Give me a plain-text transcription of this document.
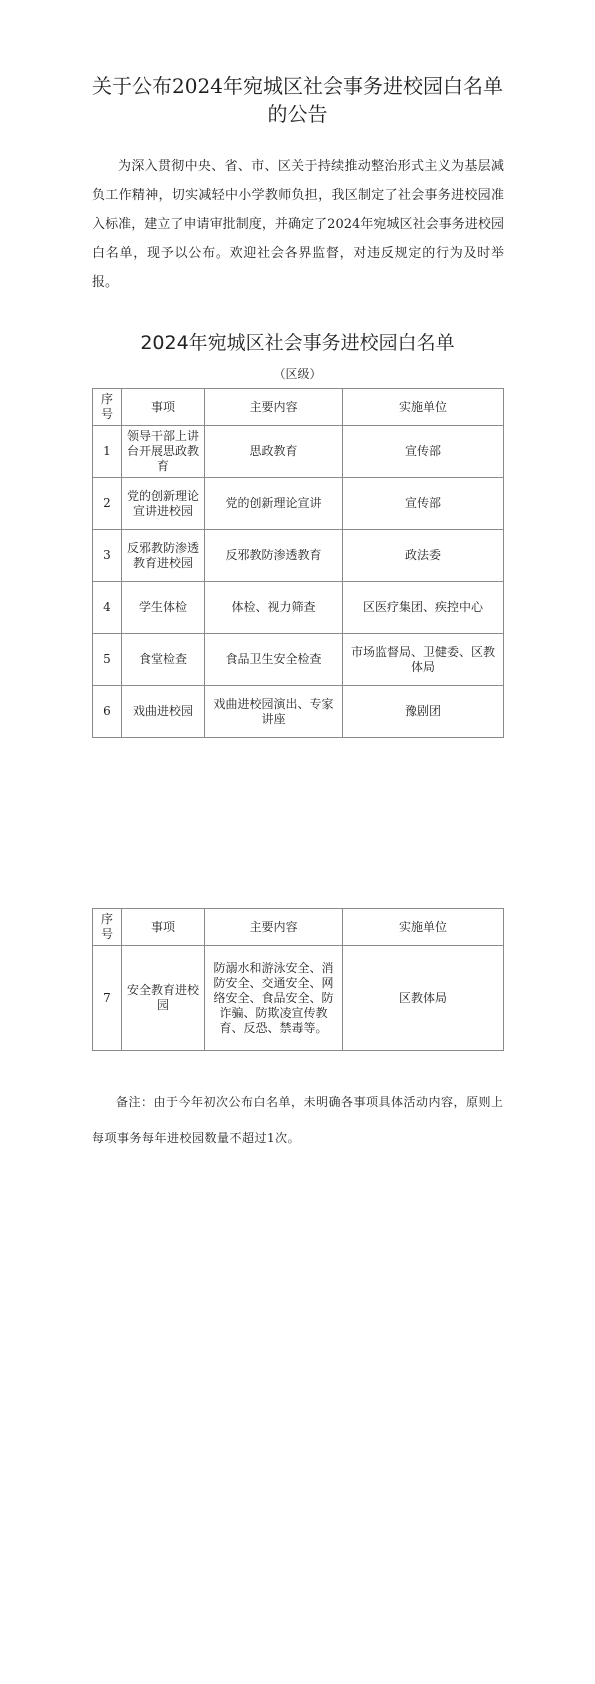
关于公布2024年宛城区社会事务进校园白名单的公告

为深入贯彻中央、省、市、区关于持续推动整治形式主义为基层减负工作精神，切实减轻中小学教师负担，我区制定了社会事务进校园准入标准，建立了申请审批制度，并确定了2024年宛城区社会事务进校园白名单，现予以公布。欢迎社会各界监督，对违反规定的行为及时举报。

2024年宛城区社会事务进校园白名单
（区级）
序号	事项	主要内容	实施单位
1	领导干部上讲台开展思政教育	思政教育	宣传部
2	党的创新理论宣讲进校园	党的创新理论宣讲	宣传部
3	反邪教防渗透教育进校园	反邪教防渗透教育	政法委
4	学生体检	体检、视力筛查	区医疗集团、疾控中心
5	食堂检查	食品卫生安全检查	市场监督局、卫健委、区教体局
6	戏曲进校园	戏曲进校园演出、专家讲座	豫剧团
序号	事项	主要内容	实施单位
7	安全教育进校园	防溺水和游泳安全、消防安全、交通安全、网络安全、食品安全、防诈骗、防欺凌宣传教育、反恐、禁毒等。	区教体局

备注：由于今年初次公布白名单，未明确各事项具体活动内容，原则上每项事务每年进校园数量不超过1次。
